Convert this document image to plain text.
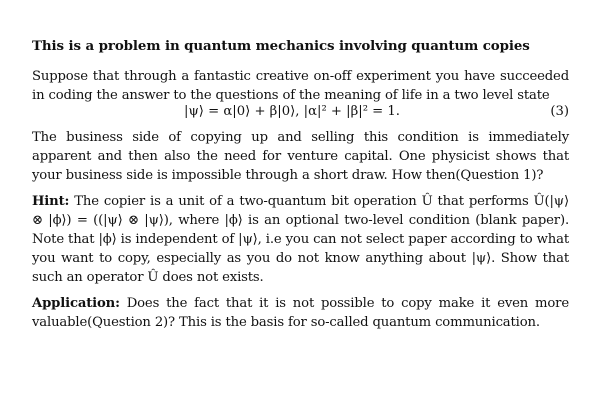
This is a problem in quantum mechanics involving quantum copies

Suppose that through a fantastic creative on-off experiment you have succeeded in coding the answer to the questions of the meaning of life in a two level state

|ψ⟩ = α|0⟩ + β|0⟩, |α|² + |β|² = 1.	(3)

The business side of copying up and selling this condition is immediately apparent and then also the need for venture capital. One physicist shows that your business side is impossible through a short draw. How then(Question 1)?

Hint: The copier is a unit of a two-quantum bit operation Û that performs Û(|ψ⟩ ⊗ |ϕ⟩) = ((|ψ⟩ ⊗ |ψ⟩), where |ϕ⟩ is an optional two-level condition (blank paper). Note that |ϕ⟩ is independent of |ψ⟩, i.e you can not select paper according to what you want to copy, especially as you do not know anything about |ψ⟩. Show that such an operator Û does not exists.

Application: Does the fact that it is not possible to copy make it even more valuable(Question 2)? This is the basis for so-called quantum communication.
